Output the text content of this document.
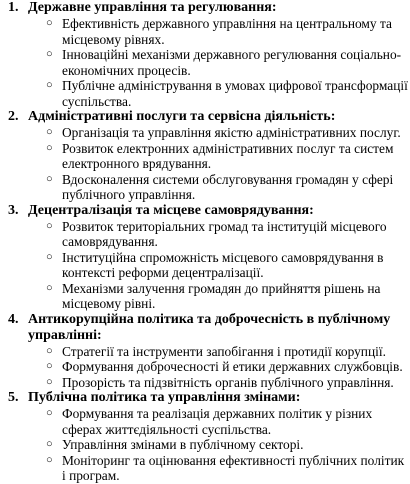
1. Державне управління та регулювання:
○ Ефективність державного управління на центральному та місцевому рівнях.
○ Інноваційні механізми державного регулювання соціально-економічних процесів.
○ Публічне адміністрування в умовах цифрової трансформації суспільства.
2. Адміністративні послуги та сервісна діяльність:
○ Організація та управління якістю адміністративних послуг.
○ Розвиток електронних адміністративних послуг та систем електронного врядування.
○ Вдосконалення системи обслуговування громадян у сфері публічного управління.
3. Децентралізація та місцеве самоврядування:
○ Розвиток територіальних громад та інституцій місцевого самоврядування.
○ Інституційна спроможність місцевого самоврядування в контексті реформи децентралізації.
○ Механізми залучення громадян до прийняття рішень на місцевому рівні.
4. Антикорупційна політика та доброчесність в публічному управлінні:
○ Стратегії та інструменти запобігання і протидії корупції.
○ Формування доброчесності й етики державних службовців.
○ Прозорість та підзвітність органів публічного управління.
5. Публічна політика та управління змінами:
○ Формування та реалізація державних політик у різних сферах життєдіяльності суспільства.
○ Управління змінами в публічному секторі.
○ Моніторинг та оцінювання ефективності публічних політик і програм.
